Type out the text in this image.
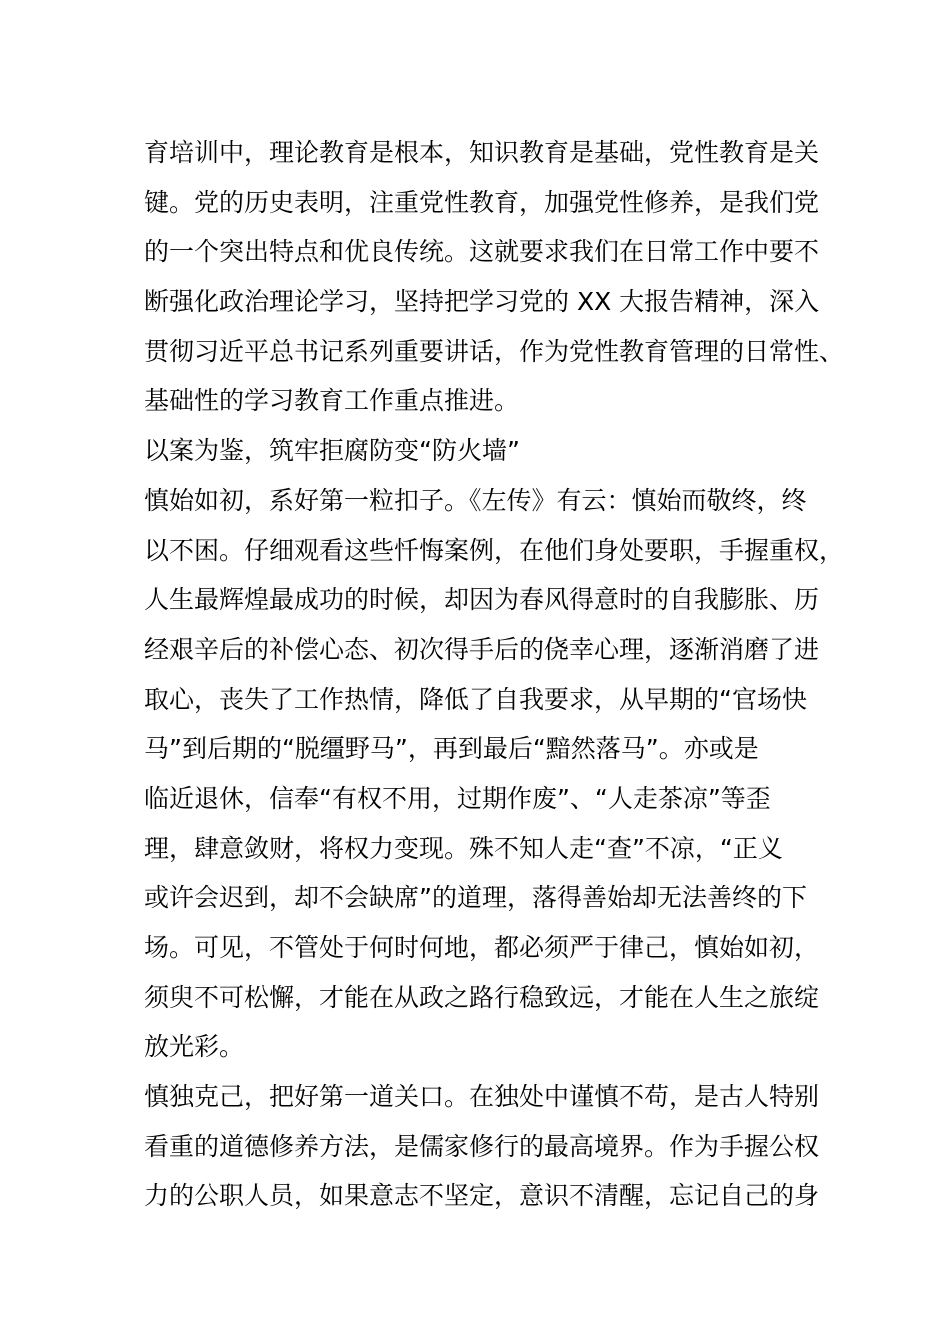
育培训中，理论教育是根本，知识教育是基础，党性教育是关
键。党的历史表明，注重党性教育，加强党性修养，是我们党
的一个突出特点和优良传统。这就要求我们在日常工作中要不
断强化政治理论学习，坚持把学习党的 XX 大报告精神，深入
贯彻习近平总书记系列重要讲话，作为党性教育管理的日常性、
基础性的学习教育工作重点推进。
以案为鉴，筑牢拒腐防变“防火墙”
慎始如初，系好第一粒扣子。《左传》有云：慎始而敬终，终
以不困。仔细观看这些忏悔案例，在他们身处要职，手握重权，
人生最辉煌最成功的时候，却因为春风得意时的自我膨胀、历
经艰辛后的补偿心态、初次得手后的侥幸心理，逐渐消磨了进
取心，丧失了工作热情，降低了自我要求，从早期的“官场快
马”到后期的“脱缰野马”，再到最后“黯然落马”。亦或是
临近退休，信奉“有权不用，过期作废”、“人走茶凉”等歪
理，肆意敛财，将权力变现。殊不知人走“查”不凉，“正义
或许会迟到，却不会缺席”的道理，落得善始却无法善终的下
场。可见，不管处于何时何地，都必须严于律己，慎始如初，
须臾不可松懈，才能在从政之路行稳致远，才能在人生之旅绽
放光彩。
慎独克己，把好第一道关口。在独处中谨慎不苟，是古人特别
看重的道德修养方法，是儒家修行的最高境界。作为手握公权
力的公职人员，如果意志不坚定，意识不清醒，忘记自己的身
